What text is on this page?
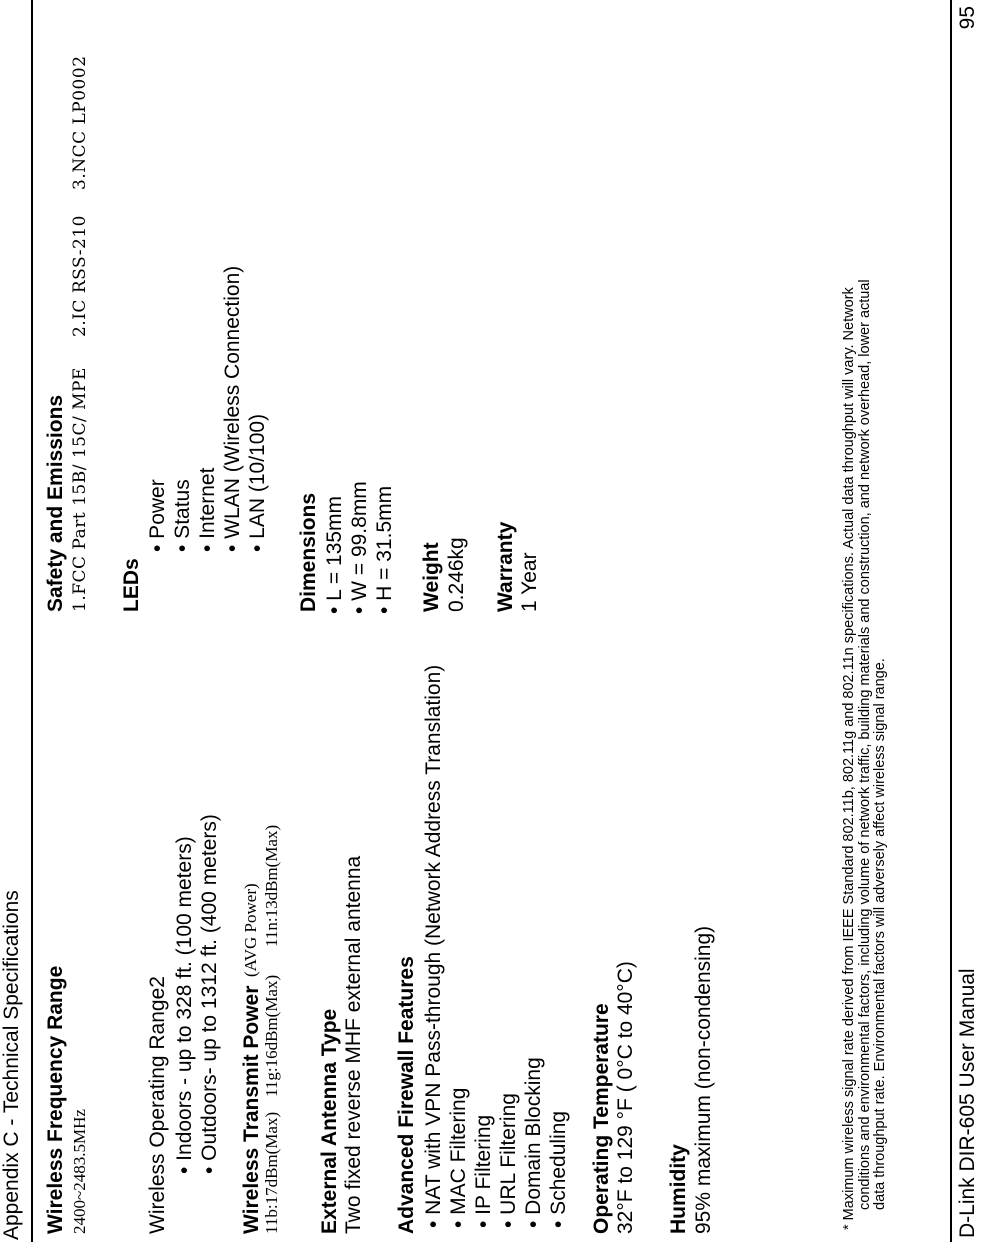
Appendix C - Technical Specifications Wireless Frequency Range 2400~2483.5MHz	Wireless Operating Range2 • Indoors - up to 328 ft. (100 meters) • Outdoors- up to 1312 ft. (400 meters) Wireless Transmit Power
(AVG Power)
11b:17dBm(Max)
11g:16dBm(Max)
11n:13dBm(Max)
External Antenna Type Two fixed reverse MHF external antenna Advanced Firewall Features • NAT with VPN Pass-through (Network Address Translation) • MAC Filtering • IP Filtering • URL Filtering • Domain Blocking • Scheduling Operating Temperature 32°F to 129 °F ( 0°C to 40°C) Humidity 95% maximum (non-condensing)
Safety and Emissions 1.FCC Part 15B/ 15C/ MPE
2.IC RSS-210
3.NCC LP0002
LEDs
• Power • Status • Internet • WLAN (Wireless Connection) • LAN (10/100)
Dimensions • L = 135mm • W = 99.8mm • H = 31.5mm Weight 0.246kg Warranty 1 Year	* Maximum wireless signal rate derived from IEEE Standard 802.11b, 802.11g and 802.11n specifications. Actual data throughput will vary. Network conditions and environmental factors, including volume of network traffic, building materials and construction, and network overhead, lower actual data throughput rate. Environmental factors will adversely affect wireless signal range.	D-Link DIR-605 User Manual
95
